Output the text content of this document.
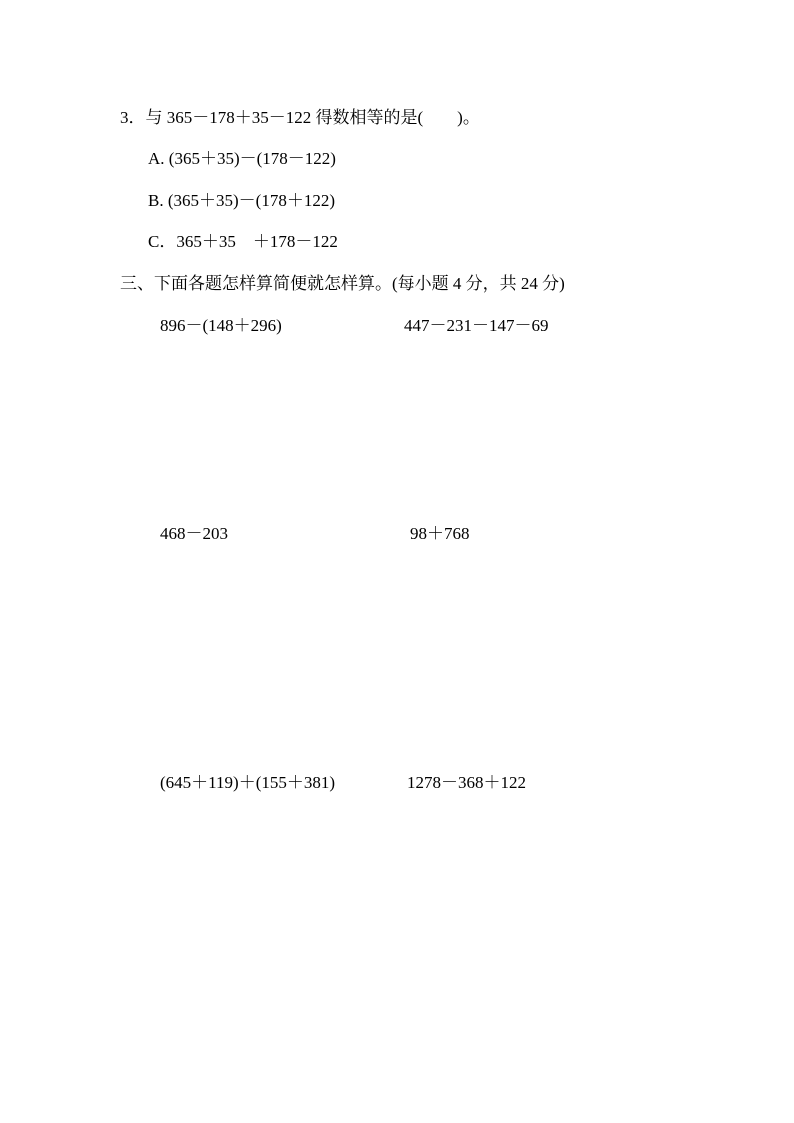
3．与 365－178＋35－122 得数相等的是(　　)。
A. (365＋35)－(178－122)
B. (365＋35)－(178＋122)
C．365＋35　＋178－122
三、下面各题怎样算简便就怎样算。(每小题 4 分，共 24 分)
896－(148＋296)	447－231－147－69
468－203	98＋768
(645＋119)＋(155＋381)	1278－368＋122
